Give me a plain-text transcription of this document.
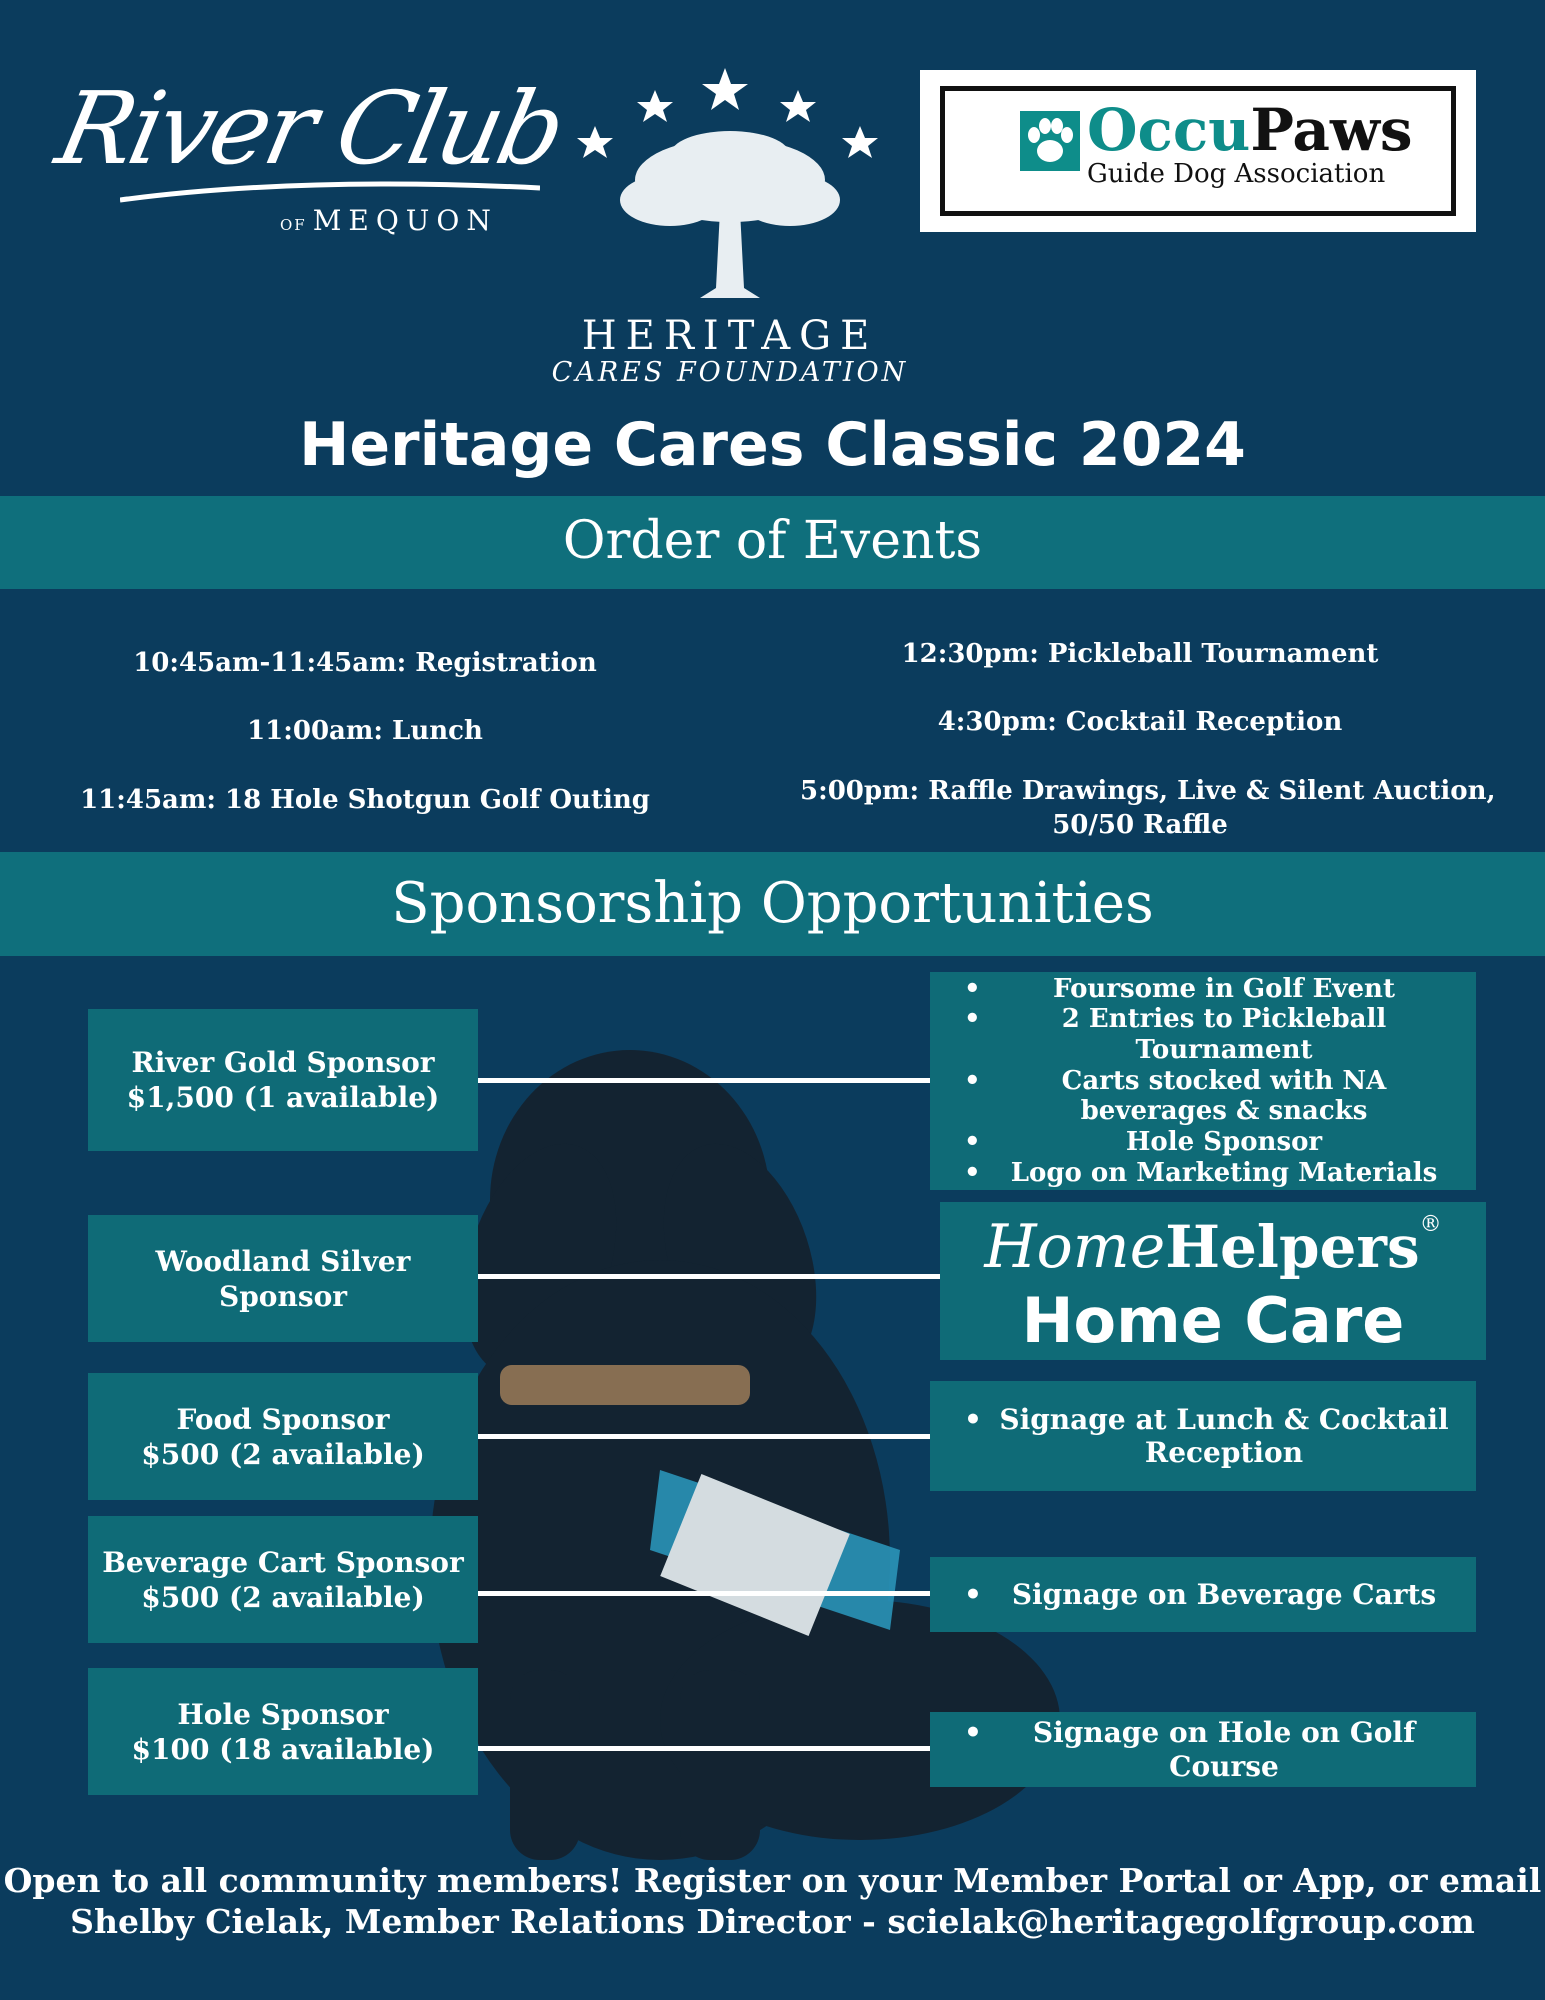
River Club
OF MEQUON
HERITAGE
CARES FOUNDATION
OccuPaws
Guide Dog Association
Heritage Cares Classic 2024
Order of Events
10:45am-11:45am: Registration
11:00am: Lunch
11:45am: 18 Hole Shotgun Golf Outing
12:30pm: Pickleball Tournament
4:30pm: Cocktail Reception
5:00pm: Raffle Drawings, Live & Silent Auction,
50/50 Raffle
Sponsorship Opportunities
River Gold Sponsor
$1,500 (1 available)
Woodland Silver Sponsor
Food Sponsor
$500 (2 available)
Beverage Cart Sponsor
$500 (2 available)
Hole Sponsor
$100 (18 available)
• Foursome in Golf Event
• 2 Entries to Pickleball Tournament
• Carts stocked with NA beverages & snacks
• Hole Sponsor
• Logo on Marketing Materials
HomeHelpers®
Home Care
• Signage at Lunch & Cocktail Reception
• Signage on Beverage Carts
• Signage on Hole on Golf Course
Open to all community members! Register on your Member Portal or App, or email
Shelby Cielak, Member Relations Director - scielak@heritagegolfgroup.com
